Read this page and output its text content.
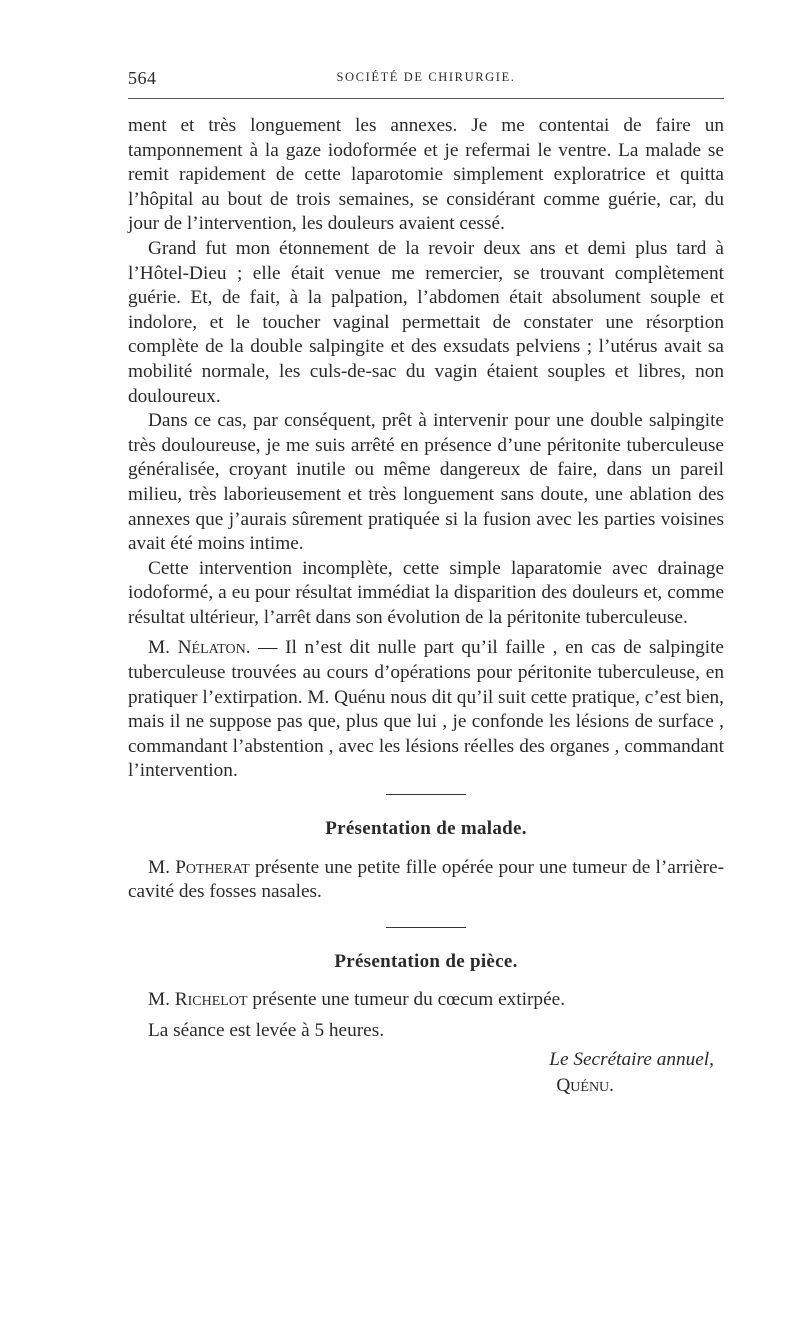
564	SOCIÉTÉ DE CHIRURGIE.

ment et très longuement les annexes. Je me contentai de faire un tamponnement à la gaze iodoformée et je refermai le ventre. La malade se remit rapidement de cette laparotomie simplement exploratrice et quitta l’hôpital au bout de trois semaines, se considérant comme guérie, car, du jour de l’intervention, les douleurs avaient cessé.

Grand fut mon étonnement de la revoir deux ans et demi plus tard à l’Hôtel-Dieu ; elle était venue me remercier, se trouvant complètement guérie. Et, de fait, à la palpation, l’abdomen était absolument souple et indolore, et le toucher vaginal permettait de constater une résorption complète de la double salpingite et des exsudats pelviens ; l’utérus avait sa mobilité normale, les culs-de-sac du vagin étaient souples et libres, non douloureux.

Dans ce cas, par conséquent, prêt à intervenir pour une double salpingite très douloureuse, je me suis arrêté en présence d’une péritonite tuberculeuse généralisée, croyant inutile ou même dangereux de faire, dans un pareil milieu, très laborieusement et très longuement sans doute, une ablation des annexes que j’aurais sûrement pratiquée si la fusion avec les parties voisines avait été moins intime.

Cette intervention incomplète, cette simple laparatomie avec drainage iodoformé, a eu pour résultat immédiat la disparition des douleurs et, comme résultat ultérieur, l’arrêt dans son évolution de la péritonite tuberculeuse.

M. Nélaton. — Il n’est dit nulle part qu’il faille , en cas de salpingite tuberculeuse trouvées au cours d’opérations pour péritonite tuberculeuse, en pratiquer l’extirpation. M. Quénu nous dit qu’il suit cette pratique, c’est bien, mais il ne suppose pas que, plus que lui , je confonde les lésions de surface , commandant l’abstention , avec les lésions réelles des organes , commandant l’intervention.

Présentation de malade.

M. Potherat présente une petite fille opérée pour une tumeur de l’arrière-cavité des fosses nasales.

Présentation de pièce.

M. Richelot présente une tumeur du cœcum extirpée.

La séance est levée à 5 heures.

Le Secrétaire annuel,
Quénu.
